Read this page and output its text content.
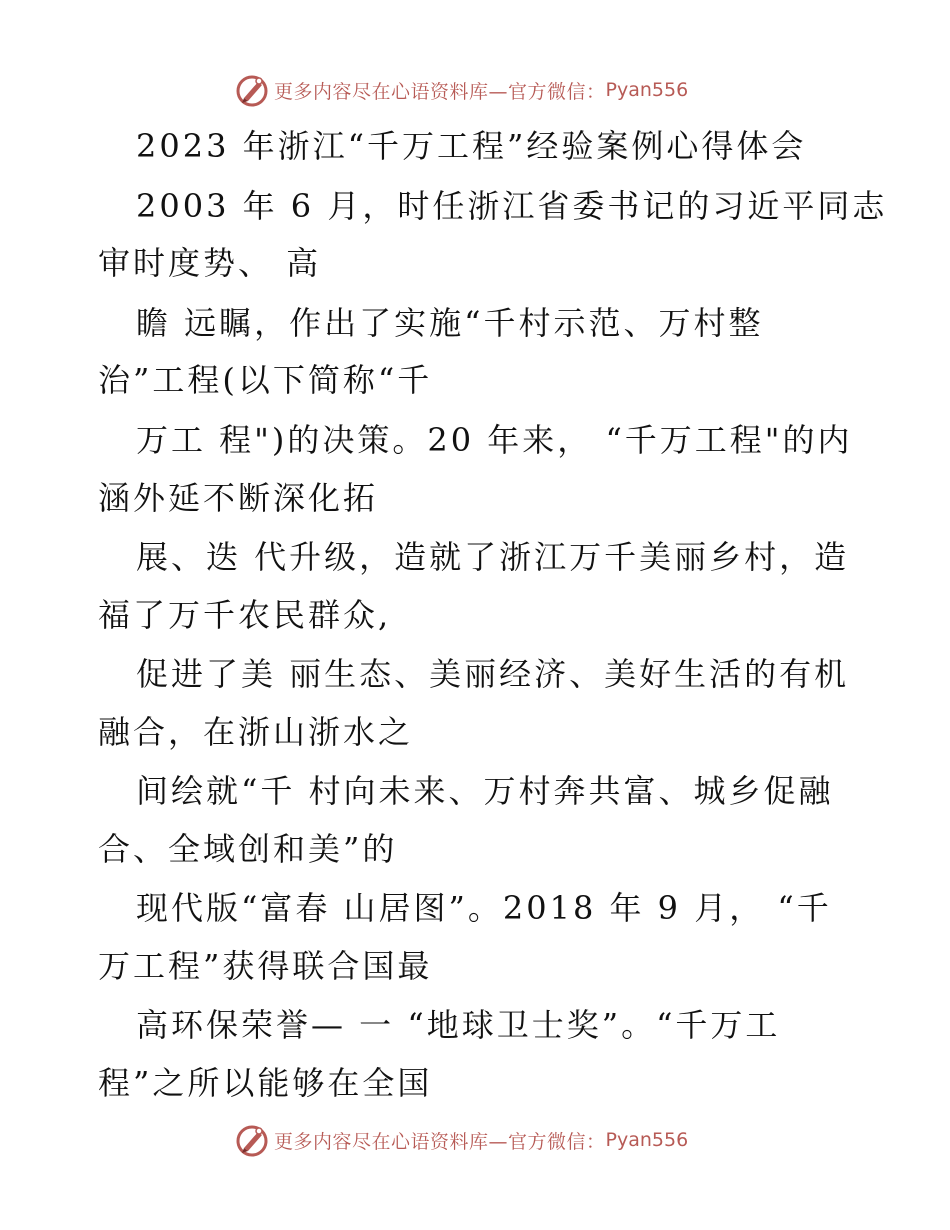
更多内容尽在心语资料库—官方微信： Pyan556
2023 年浙江“千万工程”经验案例心得体会
2003 年 6 月，时任浙江省委书记的习近平同志
审时度势、 高
瞻 远瞩，作出了实施“千村示范、万村整
治”工程(以下简称“千
万工 程")的决策。20 年来， “千万工程"的内
涵外延不断深化拓
展、迭 代升级，造就了浙江万千美丽乡村，造
福了万千农民群众,
促进了美 丽生态、美丽经济、美好生活的有机
融合，在浙山浙水之
间绘就“千 村向未来、万村奔共富、城乡促融
合、全域创和美”的
现代版“富春 山居图”。2018 年 9 月， “千
万工程”获得联合国最
高环保荣誉— 一 “地球卫士奖”。“千万工
程”之所以能够在全国
更多内容尽在心语资料库—官方微信： Pyan556
